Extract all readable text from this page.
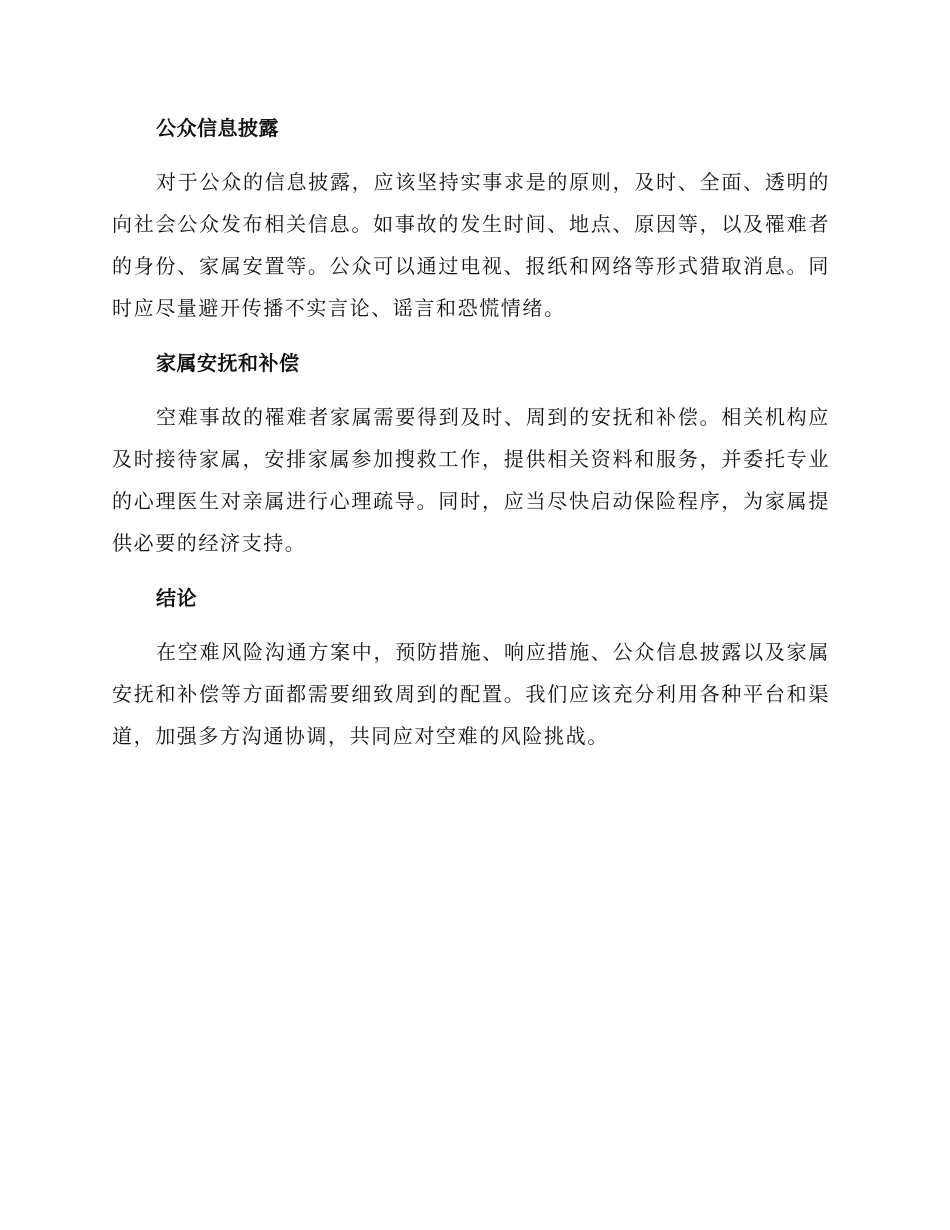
公众信息披露

对于公众的信息披露，应该坚持实事求是的原则，及时、全面、透明的向社会公众发布相关信息。如事故的发生时间、地点、原因等，以及罹难者的身份、家属安置等。公众可以通过电视、报纸和网络等形式猎取消息。同时应尽量避开传播不实言论、谣言和恐慌情绪。

家属安抚和补偿

空难事故的罹难者家属需要得到及时、周到的安抚和补偿。相关机构应及时接待家属，安排家属参加搜救工作，提供相关资料和服务，并委托专业的心理医生对亲属进行心理疏导。同时，应当尽快启动保险程序，为家属提供必要的经济支持。

结论

在空难风险沟通方案中，预防措施、响应措施、公众信息披露以及家属安抚和补偿等方面都需要细致周到的配置。我们应该充分利用各种平台和渠道，加强多方沟通协调，共同应对空难的风险挑战。
